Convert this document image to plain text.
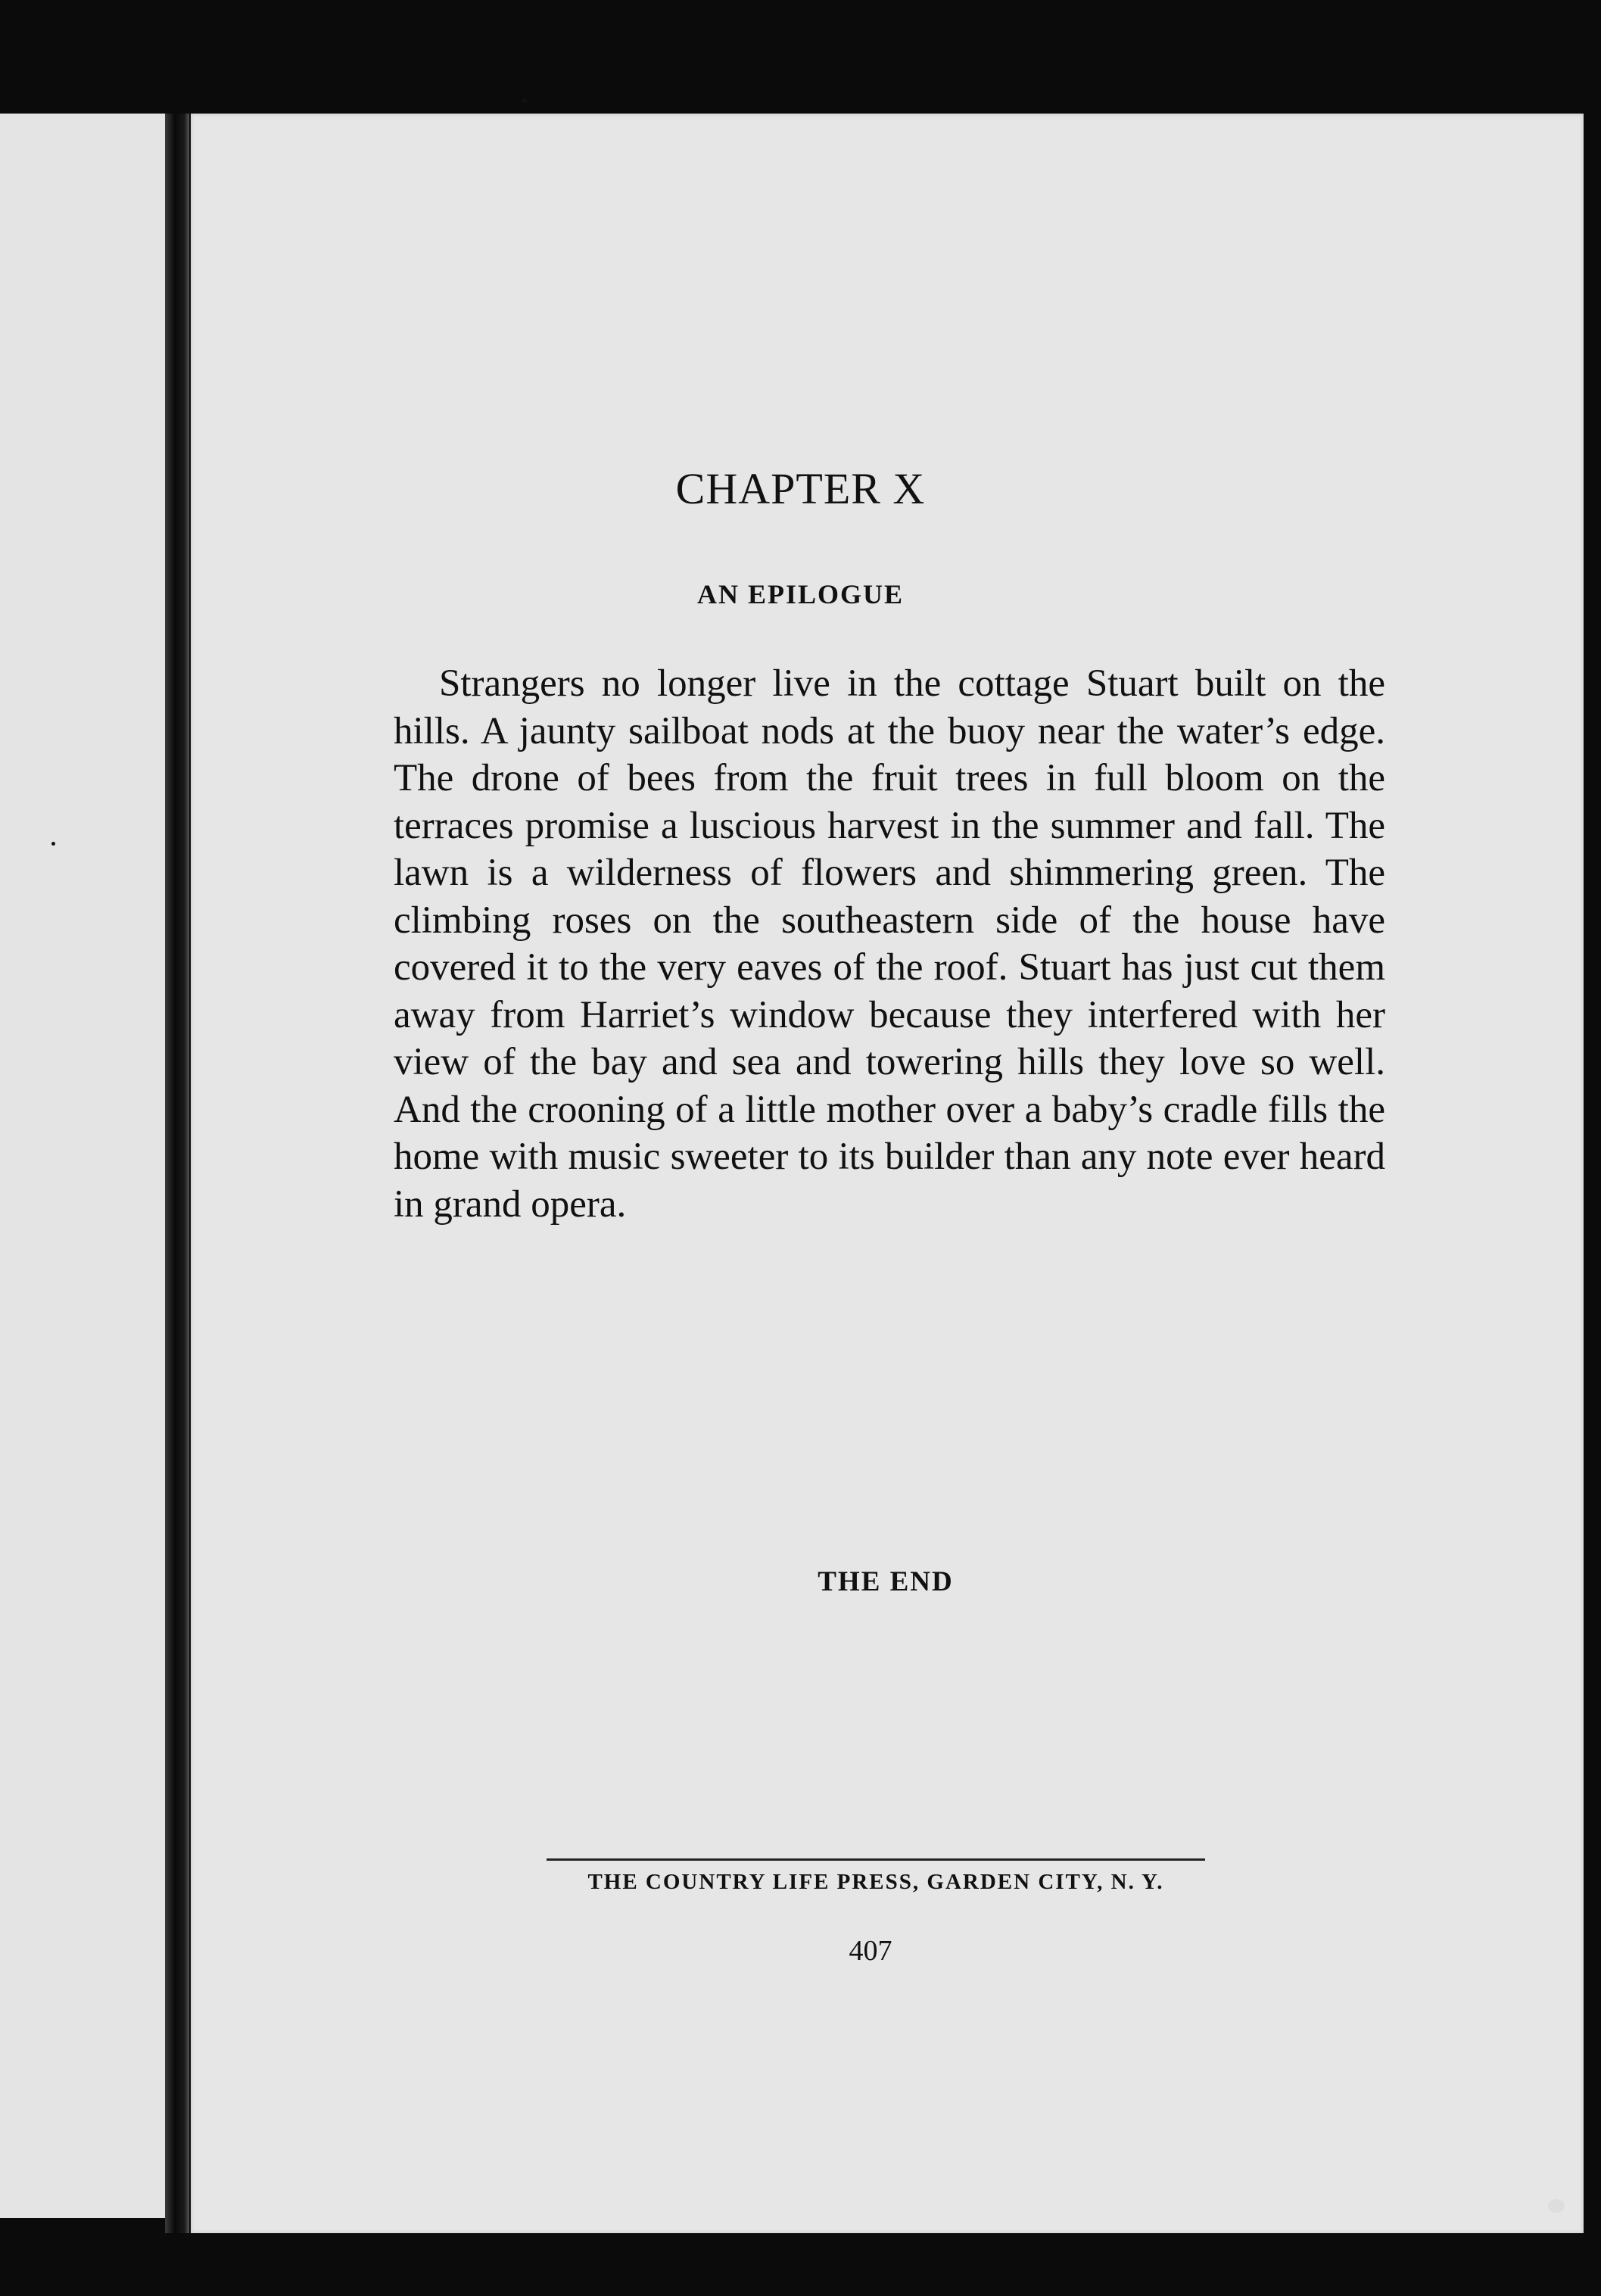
CHAPTER X
AN EPILOGUE

Strangers no longer live in the cottage Stuart built on the hills. A jaunty sailboat nods at the buoy near the water’s edge. The drone of bees from the fruit trees in full bloom on the terraces promise a luscious harvest in the summer and fall. The lawn is a wilderness of flowers and shimmering green. The climbing roses on the southeastern side of the house have covered it to the very eaves of the roof. Stuart has just cut them away from Harriet’s window because they interfered with her view of the bay and sea and towering hills they love so well. And the crooning of a little mother over a baby’s cradle fills the home with music sweeter to its builder than any note ever heard in grand opera.

THE END
THE COUNTRY LIFE PRESS, GARDEN CITY, N. Y.
407
